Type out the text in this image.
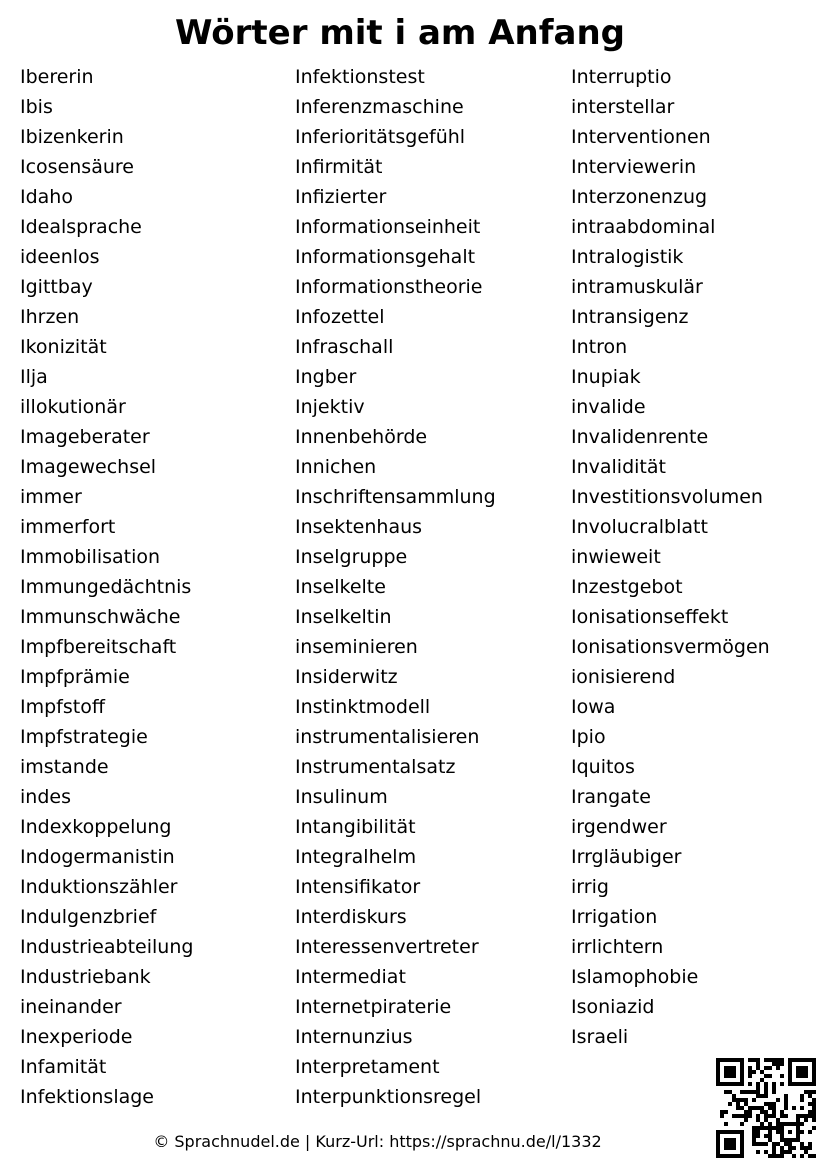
Wörter mit i am Anfang
Ibererin
Ibis
Ibizenkerin
Icosensäure
Idaho
Idealsprache
ideenlos
Igittbay
Ihrzen
Ikonizität
Ilja
illokutionär
Imageberater
Imagewechsel
immer
immerfort
Immobilisation
Immungedächtnis
Immunschwäche
Impfbereitschaft
Impfprämie
Impfstoff
Impfstrategie
imstande
indes
Indexkoppelung
Indogermanistin
Induktionszähler
Indulgenzbrief
Industrieabteilung
Industriebank
ineinander
Inexperiode
Infamität
Infektionslage
Infektionstest
Inferenzmaschine
Inferioritätsgefühl
Infirmität
Infizierter
Informationseinheit
Informationsgehalt
Informationstheorie
Infozettel
Infraschall
Ingber
Injektiv
Innenbehörde
Innichen
Inschriftensammlung
Insektenhaus
Inselgruppe
Inselkelte
Inselkeltin
inseminieren
Insiderwitz
Instinktmodell
instrumentalisieren
Instrumentalsatz
Insulinum
Intangibilität
Integralhelm
Intensifikator
Interdiskurs
Interessenvertreter
Intermediat
Internetpiraterie
Internunzius
Interpretament
Interpunktionsregel
Interruptio
interstellar
Interventionen
Interviewerin
Interzonenzug
intraabdominal
Intralogistik
intramuskulär
Intransigenz
Intron
Inupiak
invalide
Invalidenrente
Invalidität
Investitionsvolumen
Involucralblatt
inwieweit
Inzestgebot
Ionisationseffekt
Ionisationsvermögen
ionisierend
Iowa
Ipio
Iquitos
Irangate
irgendwer
Irrgläubiger
irrig
Irrigation
irrlichtern
Islamophobie
Isoniazid
Israeli
© Sprachnudel.de | Kurz-Url: https://sprachnu.de/l/1332
